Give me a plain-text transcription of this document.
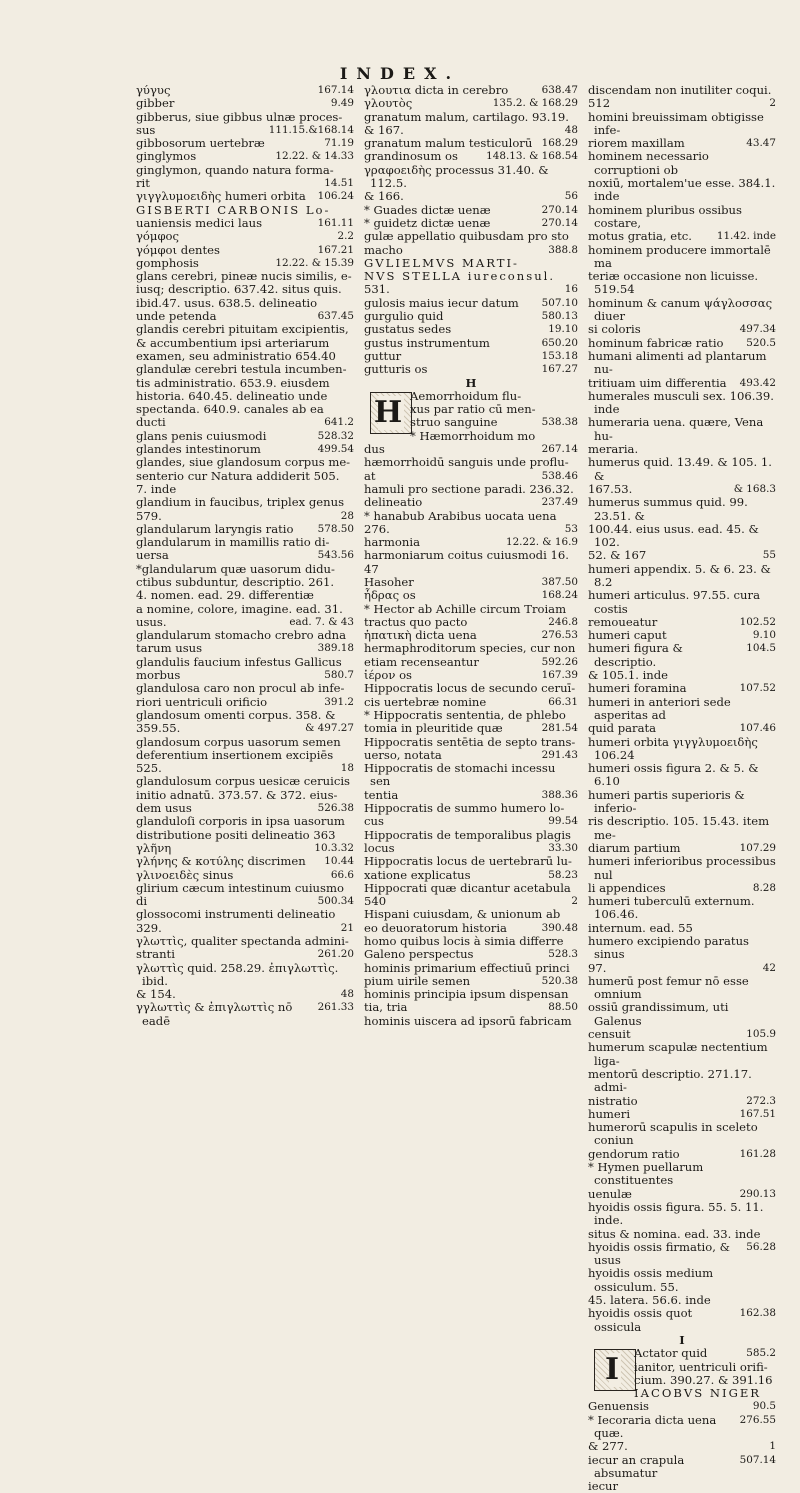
INDEX.

167.14
γύγυς

9.49
gibber

gibberus, siue gibbus ulnæ proces-

111.15.&168.14
sus

71.19
gibbosorum uertebræ

12.22. & 14.33
ginglymos

ginglymon, quando natura forma-

14.51
rit

106.24
γιγγλυμοειδὴς humeri orbita

GISBERTI CARBONIS Lo-

161.11
uaniensis medici laus

2.2
γόμφος

167.21
γόμφοι dentes

12.22. & 15.39
gomphosis

glans cerebri, pineæ nucis similis, e-

iusq; descriptio. 637.42. situs quis.

ibid.47. usus. 638.5. delineatio

637.45
unde petenda

glandis cerebri pituitam excipientis,

& accumbentium ipsi arteriarum

examen, seu administratio 654.40

glandulæ cerebri testula incumben-

tis administratio. 653.9. eiusdem

historia. 640.45. delineatio unde

spectanda. 640.9. canales ab ea

641.2
ducti

528.32
glans penis cuiusmodi

499.54
glandes intestinorum

glandes, siue glandosum corpus me-

senterio cur Natura addiderit 505.

7. inde

glandium in faucibus, triplex genus

28
579.

578.50
glandularum laryngis ratio

glandularum in mamillis ratio di-

543.56
uersa

*glandularum quæ uasorum didu-

ctibus subduntur, descriptio. 261.

4. nomen. ead. 29. differentiæ

a nomine, colore, imagine. ead. 31.

ead. 7. & 43
usus.

glandularum stomacho crebro adna

389.18
tarum usus

glandulis faucium infestus Gallicus

580.7
morbus

glandulosa caro non procul ab infe-

391.2
riori uentriculi orificio

glandosum omenti corpus. 358. &

& 497.27
359.55.

glandosum corpus uasorum semen

deferentium insertionem excipiēs

18
525.

glandulosum corpus uesicæ ceruicis

initio adnatū. 373.57. & 372. eius-

526.38
dem usus

glanduloſi corporis in ipsa uasorum

distributione positi delineatio 363

10.3.32
γλῆνη

10.44
γλήνης & κοτύλης discrimen

66.6
γλινοειδὲς sinus

glirium cæcum intestinum cuiusmo

500.34
di

glossocomi instrumenti delineatio

21
329.

γλωττὶς, qualiter spectanda admini-

261.20
stranti

γλωττὶς quid. 258.29. ἐπιγλωττὶς. ibid.

48
& 154.

261.33
γγλωττὶς & ἐπιγλωττὶς nō eadē

638.47
γλουτια dicta in cerebro

135.2. & 168.29
γλουτὸς

granatum malum, cartilago. 93.19.

48
& 167.

168.29
granatum malum testiculorū

148.13. & 168.54
grandinosum os

γραφοειδὴς processus 31.40. & 112.5.

56
& 166.

270.14
* Guades dictæ uenæ

270.14
* guidetz dictæ uenæ

gulæ appellatio quibusdam pro sto

388.8
macho

GVLIELMVS MARTI-

NVS STELLA iureconsul.

16
531.

507.10
gulosis maius iecur datum

580.13
gurgulio quid

19.10
gustatus sedes

650.20
gustus instrumentum

153.18
guttur

167.27
gutturis os

H

H Aemorrhoidum flu-

xus par ratio cū men-

538.38
struo sanguine

* Hæmorrhoidum mo

267.14
dus

hæmorrhoidū sanguis unde proflu-

538.46
at

hamuli pro sectione paradi. 236.32.

237.49
delineatio

* hanabub Arabibus uocata uena

53
276.

12.22. & 16.9
harmonia

harmoniarum coitus cuiusmodi 16.

47

387.50
Hasoher

168.24
ἧδρας os

* Hector ab Achille circum Troiam

246.8
tractus quo pacto

276.53
ἡπατικὴ dicta uena

hermaphroditorum species, cur non

592.26
etiam recenseantur

167.39
ἱέρον os

Hippocratis locus de secundo ceruī-

66.31
cis uertebræ nomine

* Hippocratis sententia, de phlebo

281.54
tomia in pleuritide quæ

Hippocratis sentētia de septo trans-

291.43
uerso, notata

Hippocratis de stomachi incessu sen

388.36
tentia

Hippocratis de summo humero lo-

99.54
cus

Hippocratis de temporalibus plagis

33.30
locus

Hippocratis locus de uertebrarū lu-

58.23
xatione explicatus

Hippocrati quæ dicantur acetabula

2
540

Hispani cuiusdam, & unionum ab

390.48
eo deuoratorum historia

homo quibus locis à simia differre

528.3
Galeno perspectus

hominis primarium effectiuū princi

520.38
pium uirile semen

hominis principia ipsum dispensan

88.50
tia, tria

hominis uiscera ad ipsorū fabricam

discendam non inutiliter coqui.

2
512

homini breuissimam obtigisse infe-

43.47
riorem maxillam

hominem necessario corruptioni ob

noxiū, mortalem'ue esse. 384.1. inde

hominem pluribus ossibus costare,

11.42. inde
motus gratia, etc.

hominem producere immortalē ma

teriæ occasione non licuisse. 519.54

hominum & canum ψάγλοσσας diuer

497.34
si coloris

520.5
hominum fabricæ ratio

humani alimenti ad plantarum nu-

493.42
tritiuam uim differentia

humerales musculi sex. 106.39. inde

humeraria uena. quære, Vena hu-

meraria.

humerus quid. 13.49. & 105. 1. &

& 168.3
167.53.

humerus summus quid. 99. 23.51. &

100.44. eius usus. ead. 45. & 102.

55
52. & 167

humeri appendix. 5. & 6. 23. & 8.2

humeri articulus. 97.55. cura costis

102.52
remoueatur

9.10
humeri caput

104.5
humeri figura & descriptio.

& 105.1. inde

107.52
humeri foramina

humeri in anteriori sede asperitas ad

107.46
quid parata

humeri orbita γιγγλυμοειδὴς 106.24

humeri ossis figura 2. & 5. & 6.10

humeri partis superioris & inferio-

ris descriptio. 105. 15.43. item me-

107.29
diarum partium

humeri inferioribus processibus nul

8.28
li appendices

humeri tuberculū externum. 106.46.

internum. ead. 55

humero excipiendo paratus sinus

42
97.

humerū post femur nō esse omnium

ossiū grandissimum, uti Galenus

105.9
censuit

humerum scapulæ nectentium liga-

mentorū descriptio. 271.17. admi-

272.3
nistratio

167.51
humeri

humerorū scapulis in sceleto coniun

161.28
gendorum ratio

* Hymen puellarum constituentes

290.13
uenulæ

hyoidis ossis figura. 55. 5. 11. inde.

situs & nomina. ead. 33. inde

56.28
hyoidis ossis firmatio, & usus

hyoidis ossis medium ossiculum. 55.

45. latera. 56.6. inde

162.38
hyoidis ossis quot ossicula

I

I	585.2
Actator quid

ianitor, uentriculi orifi-

cium. 390.27. & 391.16

IACOBVS NIGER

90.5
Genuensis

276.55
* Iecoraria dicta uena quæ.

1
& 277.

507.14
iecur an crapula absumatur

iecur
